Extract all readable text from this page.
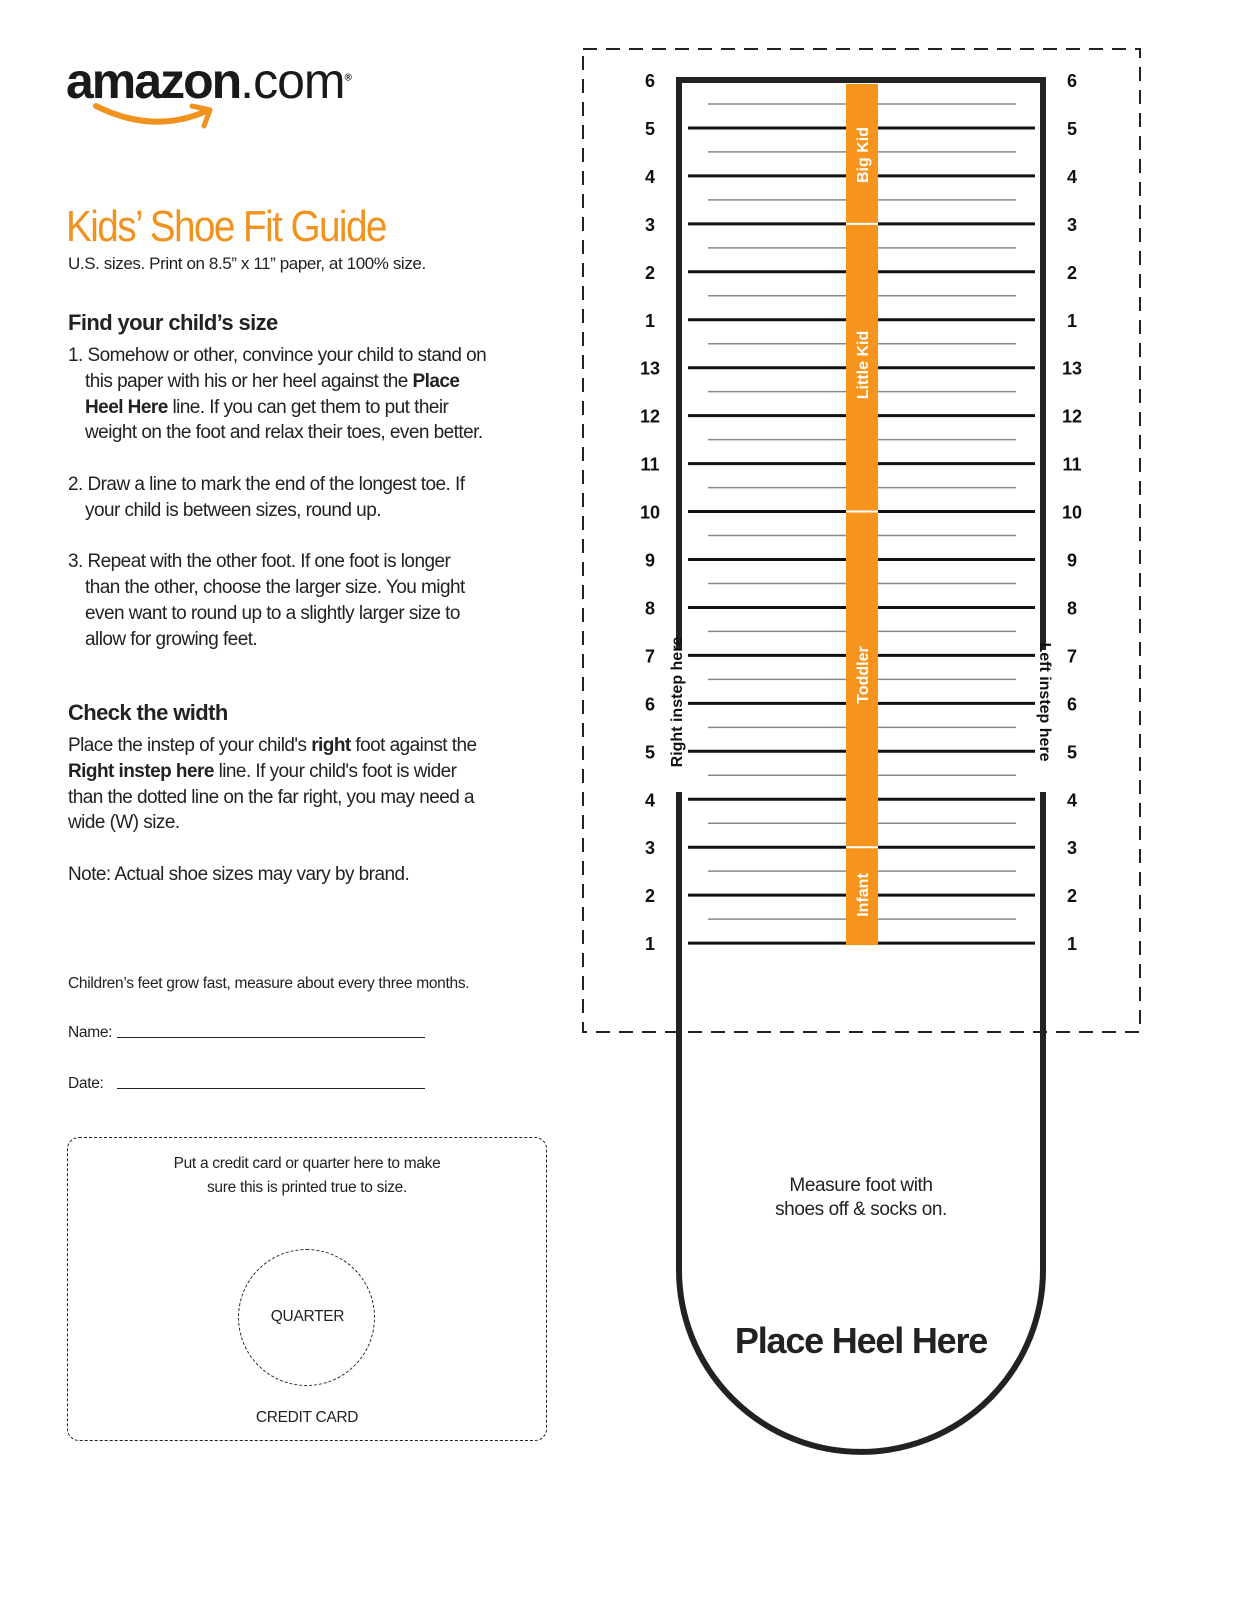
amazon.com®
Kids’ Shoe Fit Guide
U.S. sizes. Print on 8.5” x 11” paper, at 100% size.
Find your child’s size
1. Somehow or other, convince your child to stand on
this paper with his or her heel against the Place
Heel Here line. If you can get them to put their
weight on the foot and relax their toes, even better.
2. Draw a line to mark the end of the longest toe. If
your child is between sizes, round up.
3. Repeat with the other foot. If one foot is longer
than the other, choose the larger size. You might
even want to round up to a slightly larger size to
allow for growing feet.
Check the width
Place the instep of your child's right foot against the
Right instep here line. If your child's foot is wider
than the dotted line on the far right, you may need a
wide (W) size.
Note: Actual shoe sizes may vary by brand.
Children’s feet grow fast, measure about every three months.
Name:
Date:
Put a credit card or quarter here to make
sure this is printed true to size.
QUARTER
CREDIT CARD
6	6
5	5
4	4
3	3
2	2
1	1
13	13
12	12
11	11
10	10
9	9
8	8
7	7
6	6
5	5
4	4
3	3
2	2
1	1
Big Kid
Little Kid
Toddler
Infant
Right instep here	Left instep here
Measure foot with
shoes off & socks on.
Place Heel Here
